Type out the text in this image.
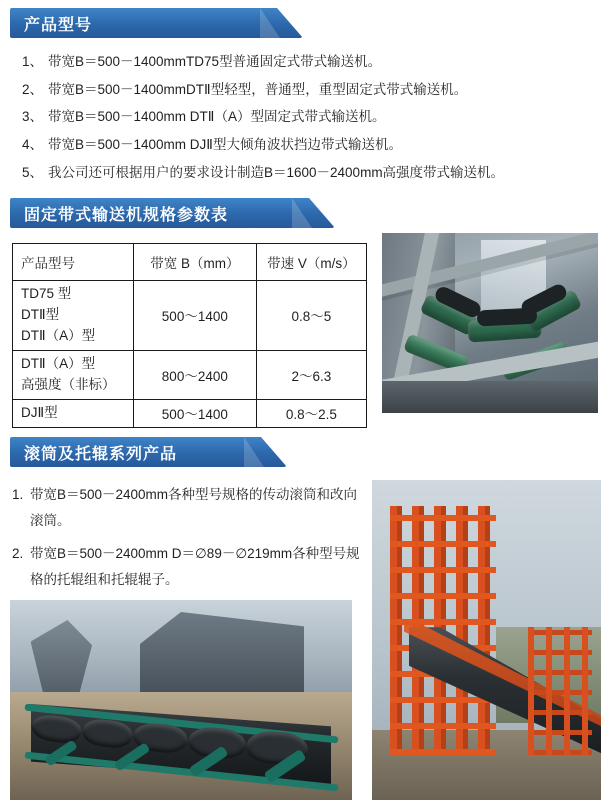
产品型号
1、 带宽B＝500－1400mmTD75型普通固定式带式输送机。
2、 带宽B＝500－1400mmDTⅡ型轻型，普通型，重型固定式带式输送机。
3、 带宽B＝500－1400mm DTⅡ（A）型固定式带式输送机。
4、 带宽B＝500－1400mm DJⅡ型大倾角波状挡边带式输送机。
5、 我公司还可根据用户的要求设计制造B＝1600－2400mm高强度带式输送机。
固定带式输送机规格参数表
产品型号	带宽 B（mm）	带速 V（m/s）

TD75 型
DTⅡ型
DTⅡ（A）型	500～1400	0.8～5

DTⅡ（A）型
高强度（非标）	800～2400	2～6.3

DJⅡ型	500～1400	0.8～2.5
滚筒及托辊系列产品
1. 带宽B＝500－2400mm各种型号规格的传动滚筒和改向滚筒。
2. 带宽B＝500－2400mm D＝∅89－∅219mm各种型号规格的托辊组和托辊辊子。
